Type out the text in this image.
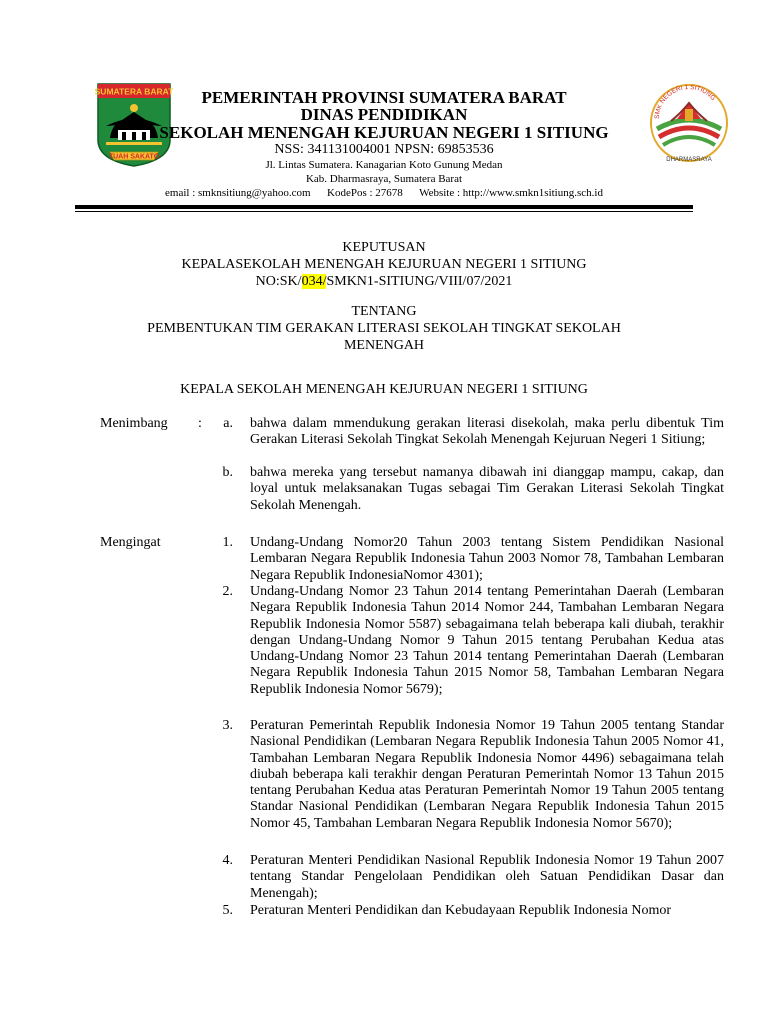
SUMATERA BARAT
TUAH SAKATO	DHARMASRAYA
SMK NEGERI 1 SITIUNG
PEMERINTAH PROVINSI SUMATERA BARAT
DINAS PENDIDIKAN
SEKOLAH MENENGAH KEJURUAN NEGERI 1 SITIUNG
NSS: 341131004001 NPSN: 69853536
Jl. Lintas Sumatera. Kanagarian Koto Gunung Medan
Kab. Dharmasraya, Sumatera Barat
email : smknsitiung@yahoo.com      KodePos : 27678      Website : http://www.smkn1sitiung.sch.id
KEPUTUSAN
KEPALASEKOLAH MENENGAH KEJURUAN NEGERI 1 SITIUNG
NO:SK/034/SMKN1-SITIUNG/VIII/07/2021
TENTANG
PEMBENTUKAN TIM GERAKAN LITERASI SEKOLAH TINGKAT SEKOLAH
MENENGAH
KEPALA SEKOLAH MENENGAH KEJURUAN NEGERI 1 SITIUNG
Menimbang :	a. bahwa dalam mmendukung gerakan literasi disekolah, maka perlu dibentuk Tim Gerakan Literasi Sekolah Tingkat Sekolah Menengah Kejuruan Negeri 1 Sitiung;
b. bahwa mereka yang tersebut namanya dibawah ini dianggap mampu, cakap, dan loyal untuk melaksanakan Tugas sebagai Tim Gerakan Literasi Sekolah Tingkat Sekolah Menengah.
Mengingat	1. Undang-Undang Nomor20 Tahun 2003 tentang Sistem Pendidikan Nasional Lembaran Negara Republik Indonesia Tahun 2003 Nomor 78, Tambahan Lembaran Negara Republik IndonesiaNomor 4301);
2. Undang-Undang Nomor 23 Tahun 2014 tentang Pemerintahan Daerah (Lembaran Negara Republik Indonesia Tahun 2014 Nomor 244, Tambahan Lembaran Negara Republik Indonesia Nomor 5587) sebagaimana telah beberapa kali diubah, terakhir dengan Undang-Undang Nomor 9 Tahun 2015 tentang Perubahan Kedua atas Undang-Undang Nomor 23 Tahun 2014 tentang Pemerintahan Daerah (Lembaran Negara Republik Indonesia Tahun 2015 Nomor 58, Tambahan Lembaran Negara Republik Indonesia Nomor 5679);
3. Peraturan Pemerintah Republik Indonesia Nomor 19 Tahun 2005 tentang Standar Nasional Pendidikan (Lembaran Negara Republik Indonesia Tahun 2005 Nomor 41, Tambahan Lembaran Negara Republik Indonesia Nomor 4496) sebagaimana telah diubah beberapa kali terakhir dengan Peraturan Pemerintah Nomor 13 Tahun 2015 tentang Perubahan Kedua atas Peraturan Pemerintah Nomor 19 Tahun 2005 tentang Standar Nasional Pendidikan (Lembaran Negara Republik Indonesia Tahun 2015 Nomor 45, Tambahan Lembaran Negara Republik Indonesia Nomor 5670);
4. Peraturan Menteri Pendidikan Nasional Republik Indonesia Nomor 19 Tahun 2007 tentang Standar Pengelolaan Pendidikan oleh Satuan Pendidikan Dasar dan Menengah);
5. Peraturan Menteri Pendidikan dan Kebudayaan Republik Indonesia Nomor
